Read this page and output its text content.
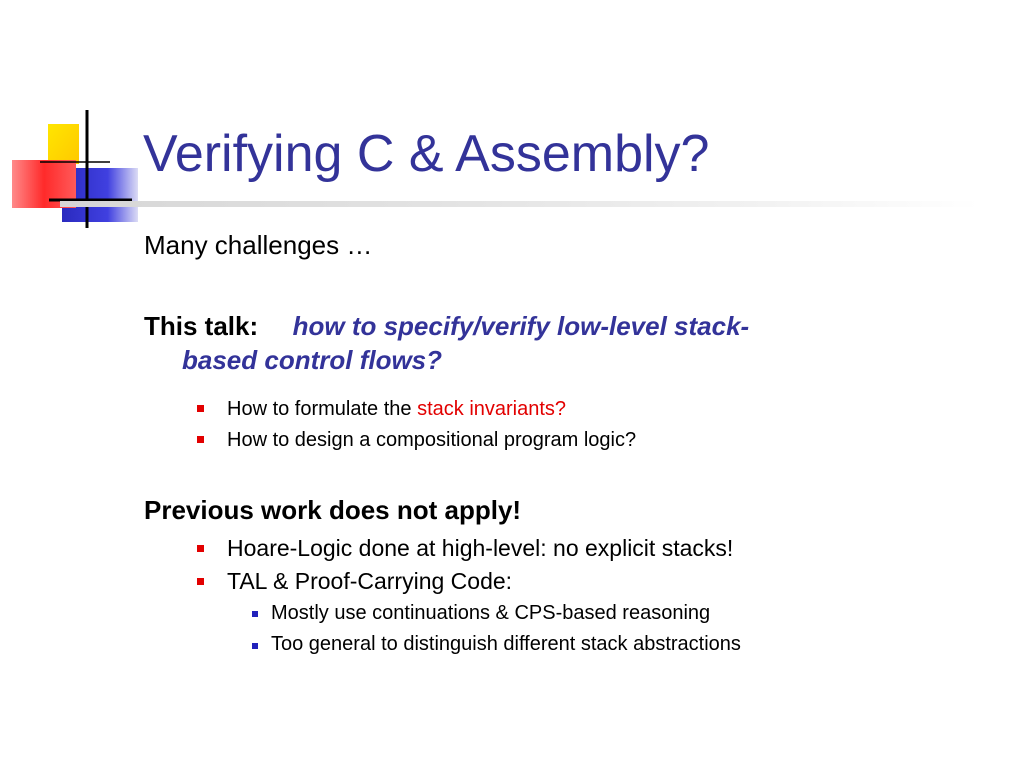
Verifying C & Assembly?
Many challenges …
This talk: how to specify/verify low-level stack-
based control flows?
How to formulate the stack invariants?
How to design a compositional program logic?
Previous work does not apply!
Hoare-Logic done at high-level: no explicit stacks!
TAL & Proof-Carrying Code:
Mostly use continuations & CPS-based reasoning
Too general to distinguish different stack abstractions
